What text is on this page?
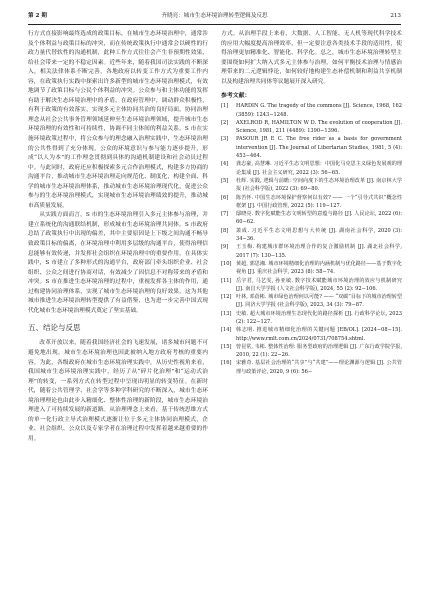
第 2 期	齐晓亮：城市生态环境治理转型逻辑及反思	213

行方式直接影响最终选成的政策目标，在城市生态环境治理中，通常涉及个体利益与政策目标的冲突，而在传统政策执行中通常会以硬性的行政力量代替软性的沟通机制，此种工作方式往往会产生非预期性效果，给社会带来一定的不稳定因素。近些年来，随着我国司法实践的不断深入，相关法律体系不断完善，各地政府以转变工作方式为重要工作内容，在政策执行实践中探索出许多新型的城市生态环境治理模式，有效地调节了政策目标与公民个体利益的冲突。公众参与和主体功能的发挥有助于解决生态环境治理中的矛盾，在政府管理中，调动群众积极性，有利于政策的有效落实，实现多元主体协同共治的良好局面。协同治理理念从社会公共事务管理领域延伸至生态环境治理领域，提升城市生态环境治理的有效性和可持续性，协调不同主体间的利益关系。S 市在实施环境政策过程中，将公众参与的理念融入治理实践中，生态环境治理的公共性得到了充分体现，公众的环境意识与参与能力逐步提升，形成“以人为本”的工作理念贯彻到具体的沟通机制建设和社会动员过程中。与此同时，政府还应积极探索多元合作治理模式，构建多方协商的沟通平台，推动城市生态环境治理走向规范化、制度化，构建全面、科学的城市生态环境治理体系，推动城市生态环境治理现代化，促进公众参与的生态环境治理模式，实现城市生态环境治理绩效的提升，推动城市高质量发展。

从实践方面而言，S 市的生态环境治理引入多元主体参与治理，并建立系统化的沟通联结机制，形成城市生态环境治理共同体。S 市政府总结了政策执行中出现的偏差，其中主要原因是上下级之间沟通不畅导致政策目标的偏离，在环境治理中利用多层级的沟通平台，使得治理信息能够有效传递，并发挥社会组织在环境治理中的重要作用。在具体实践中，S 市建立了多种形式的沟通平台，政府部门牵头组织企业、社会组织、公众之间进行协商对话，有效减少了因信息不对称带来的矛盾和冲突。S 市在推进生态环境治理的过程中，重视发挥各主体的作用，通过构建协同治理体系，实现了城市生态环境治理的良好效果，这为其他城市推进生态环境治理转型提供了有益借鉴，也为进一步完善中国式现代化城市生态环境治理模式奠定了坚实基础。

五、结论与反思

改革开放以来，随着我国经济社会的飞速发展，诸多城市问题不可避免地出现，城市生态环境治理也因此被纳入地方政府考核的重要内容。为此，各级政府在城市生态环境治理实践中，从历史性视角来看，我国城市生态环境治理实践中，经历了从“碎片化治理”和“运动式治理”的转变，一系列方式在转型过程中呈现出明显的转变特征。在新时代，随着公共管理学、社会学等多种学科研究的不断深入，城市生态环境治理理论也由此步入精细化、整体性治理的新阶段，城市生态环境治理进入了可持续发展的新道路。从治理理念上来看，基于传统思维方式的单一化行政主导式治理模式逐渐让位于多元主体协同治理模式，企业、社会组织、公众以及专家学者在治理过程中发挥着越来越重要的作用。

方式。从治理手段上来看，大数据、人工智能、无人机等现代科学技术的应用大幅度提高治理效率，但一定要注意各类技术手段的适用性，使得治理更加精准化、智能化、科学化。总之，城市生态环境治理转型主要围绕如何扩大纳入式多元主体参与治理，如何平衡技术治理与情感治理带来的二元逻辑悖论，如何较好地构建生态补偿机制和利益共享机制以及构建治理共同体等议题展开深入研究。

参考文献：
[1]	HARDIN G. The tragedy of the commons [J]. Science, 1968, 162 (3859): 1243−1248.
[2]	AXELROD R, HAMILTON W D. The evolution of cooperation [J]. Science, 1981, 211 (4489): 1390−1396.
[3]	PASOUR JR E C. The free rider as a basis for government intervention [J]. The Journal of Libertarian Studies, 1981, 5 (4): 453−464.
[4]	龚志豪, 高慧琳. 习近平生态文明思想：中国化马克思主义绿色发展观的理论集成 [J]. 社会主义研究, 2022 (3): 56−65.
[5]	杜辉. 实践, 逻辑与前瞻: 空间向度下的生态环境治理改革 [J]. 南京林大学报 (社会科学版), 2022 (3): 69−80.
[6]	陈苦怀. 中国生态环境保护督察何以有效? —— 一个“引导式共识”概念性框架 [J]. 中国行政管理, 2022 (5): 119−127.
[7]	邸晓亮. 数字化赋能生态文明转型的意蕴与路径 [J]. 人民论坛, 2022 (6): 60−62.
[8]	萧成. 习近平生态文明思想与大传统 [J]. 湖南社会科学, 2020 (3): 34−36.
[9]	王玉梅. 构建城市群环境治理合作的复合激励机制 [J]. 湖北社会科学, 2017 (7): 130−135.
[10] 黄超, 郭思湘. 城市环境精细化治理的内涵机制与优化路径——基于数字化视角 [J]. 重庆社会科学, 2023 (8): 58−74.
[11] 岳宇君, 马艺雯, 孙亚敏. 数字技术赋能城市环境治理的效应与机制研究 [J]. 南昌大学学报 (人文社会科学版), 2024, 55 (2): 92−106.
[12] 叶林, 邓蓓彬. 城市绿色治理何以可能? —— “双碳”目标下的城市治理转型 [J]. 同济大学学报 (社会科学版), 2023, 34 (3): 79−87.
[13] 史敏. 超大城市环境治理生态现代化的路径探析 [J]. 行政科学论坛, 2023 (2): 122−127.
[14] 韩志明. 推进城市精细化治理的关键问题 [EB/OL]. [2024−08−15]. http://www.rmlt.com.cn/2024/0731/708754.shtml.
[15] 曾昆常, 韦彬. 整体性治理: 服务型政府的治理逻辑 [J]. 广东行政学院学报, 2010, 22 (1): 22−26.
[16] 宋雅奇. 基层社会治理的“共享”与“共建”——理论渊源与逻辑 [J]. 公共管理与政策评论, 2020, 9 (6): 56−
